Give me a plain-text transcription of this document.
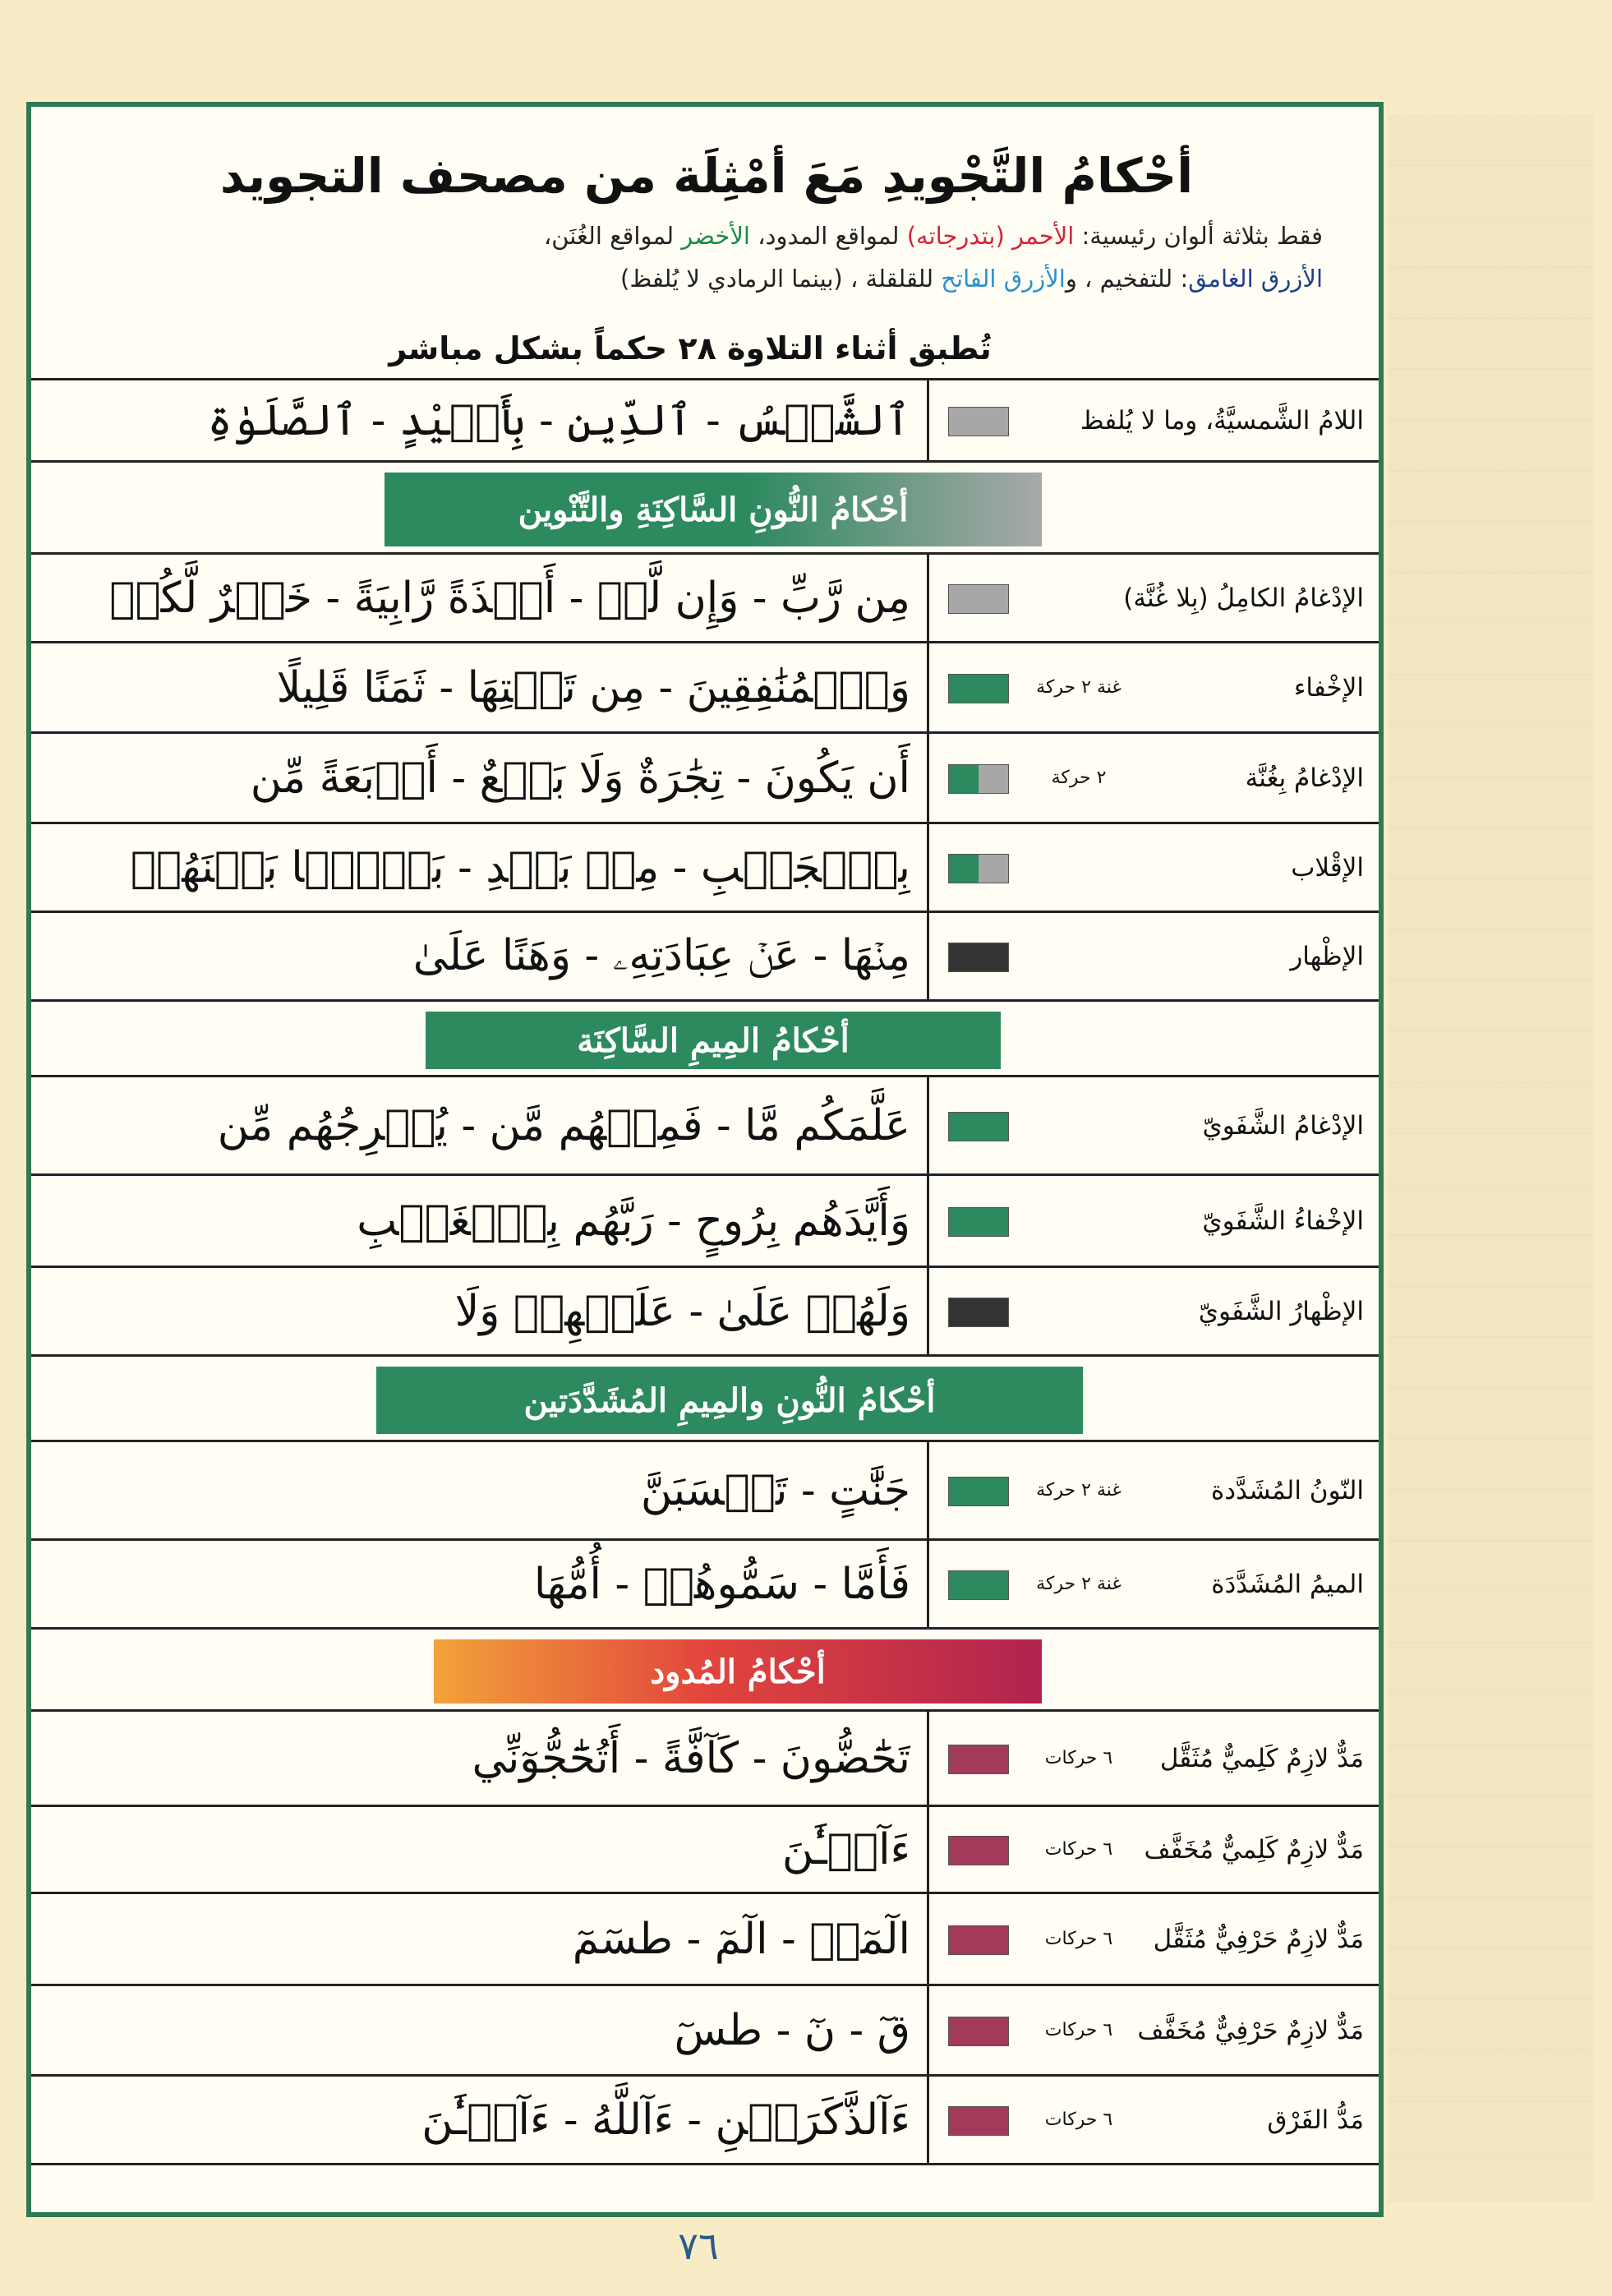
أحْكامُ التَّجْويدِ مَعَ أمْثِلَة من مصحف التجويد
فقط بثلاثة ألوان رئيسية: الأحمر (بتدرجاته) لمواقع المدود، الأخضر لمواقع الغُنَن،
الأزرق الغامق: للتفخيم ، والأزرق الفاتح للقلقلة ، (بينما الرمادي لا يُلفظ)
تُطبق أثناء التلاوة ٢٨ حكماً بشكل مباشر
اللامُ الشَّمسيَّةُ، وما لا يُلفظ
ٱلشَّمۡسُ - ٱلدِّينِ - بِأَيۡيْدٍ - ٱلصَّلَوٰةِ
أحْكامُ النُّونِ السَّاكِنَةِ والتَّنْوين
الإدْغامُ الكامِلُ (بِلا غُنَّة)
مِن رَّبِّ - وَإِن لَّمۡ - أَخۡذَةً رَّابِيَةً - خَيۡرٌ لَّكُمۡ
الإخْفاء
غنة ٢ حركة
وَٱلۡمُنَٰفِقِينَ - مِن تَحۡتِهَا - ثَمَنًا قَلِيلًا
الإدْغامُ بِغُنَّة
٢ حركة
أَن يَكُونَ - تِجَٰرَةٌ وَلَا بَيۡعٌ - أَرۡبَعَةً مِّن
الإقْلاب
بِٱلۡجَنۢبِ - مِنۢ بَعۡدِ - بَغۡيَۢا بَيۡنَهُمۡ
الإظْهار
مِنۡهَا - عَنۡ عِبَادَتِهِۦ - وَهَنًا عَلَىٰ
أحْكامُ المِيمِ السَّاكِنَة
الإدْغامُ الشَّفَويّ
عَلَّمَكُم مَّا - فَمِنۡهُم مَّن - يُخۡرِجُهُم مِّن
الإخْفاءُ الشَّفَويّ
وَأَيَّدَهُم بِرُوحٍ - رَبَّهُم بِٱلۡغَيۡبِ
الإظْهارُ الشَّفَويّ
وَلَهُمۡ عَلَىٰ - عَلَيۡهِمۡ وَلَا
أحْكامُ النُّونِ والمِيمِ المُشَدَّدَتين
النّونُ المُشَدَّدة
غنة ٢ حركة
جَنَّٰتٍ - تَحۡسَبَنَّ
الميمُ المُشَدَّدَة
غنة ٢ حركة
فَأَمَّا - سَمُّوهُمۡ - أُمُّهَا
أحْكامُ المُدود
مَدٌّ لازِمٌ كَلِميٌّ مُثَقَّل
٦ حركات
تَحَٰٓضُّونَ - كَآفَّةً - أَتُحَٰٓجُّوٓنِّي
مَدٌّ لازِمٌ كَلِميٌّ مُخَفَّف
٦ حركات
ءَآلۡـَٰٔنَ
مَدٌّ لازِمٌ حَرْفِيٌّ مُثَقَّل
٦ حركات
الٓمٓرۚ - الٓمٓ - طسٓمٓ
مَدٌّ لازِمٌ حَرْفِيٌّ مُخَفَّف
٦ حركات
قٓ - نٓ - طسٓ
مَدُّ الفَرْق
٦ حركات
ءَآلذَّكَرَيۡنِ - ءَآللَّهُ - ءَآلۡـَٰٔنَ
٧٦
